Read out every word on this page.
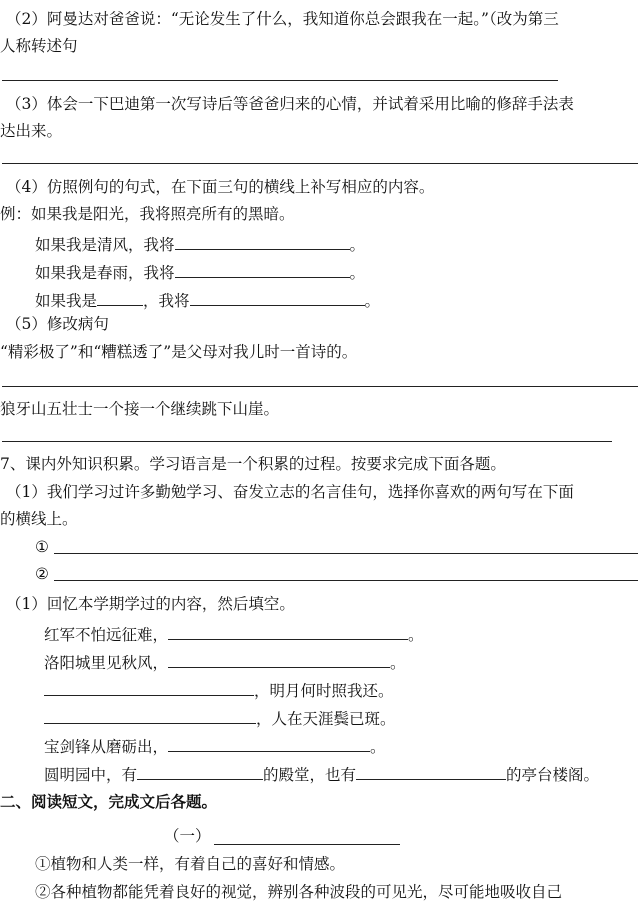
（2）阿曼达对爸爸说：“无论发生了什么，我知道你总会跟我在一起。”（改为第三
人称转述句
（3）体会一下巴迪第一次写诗后等爸爸归来的心情，并试着采用比喻的修辞手法表
达出来。
（4）仿照例句的句式，在下面三句的横线上补写相应的内容。
例：如果我是阳光，我将照亮所有的黑暗。
如果我是清风，我将	。
如果我是春雨，我将	。
如果我是	，我将	。
（5）修改病句
“精彩极了”和“糟糕透了”是父母对我儿时一首诗的。
狼牙山五壮士一个接一个继续跳下山崖。
7、课内外知识积累。学习语言是一个积累的过程。按要求完成下面各题。
（1）我们学习过许多勤勉学习、奋发立志的名言佳句，选择你喜欢的两句写在下面
的横线上。
①
②
（1）回忆本学期学过的内容，然后填空。
红军不怕远征难，	。
洛阳城里见秋风，	。
，明月何时照我还。
，人在天涯鬓已斑。
宝剑锋从磨砺出，	。
圆明园中，有	的殿堂，也有	的亭台楼阁。
二、阅读短文，完成文后各题。
（一）
①植物和人类一样，有着自己的喜好和情感。
②各种植物都能凭着良好的视觉，辨别各种波段的可见光，尽可能地吸收自己
